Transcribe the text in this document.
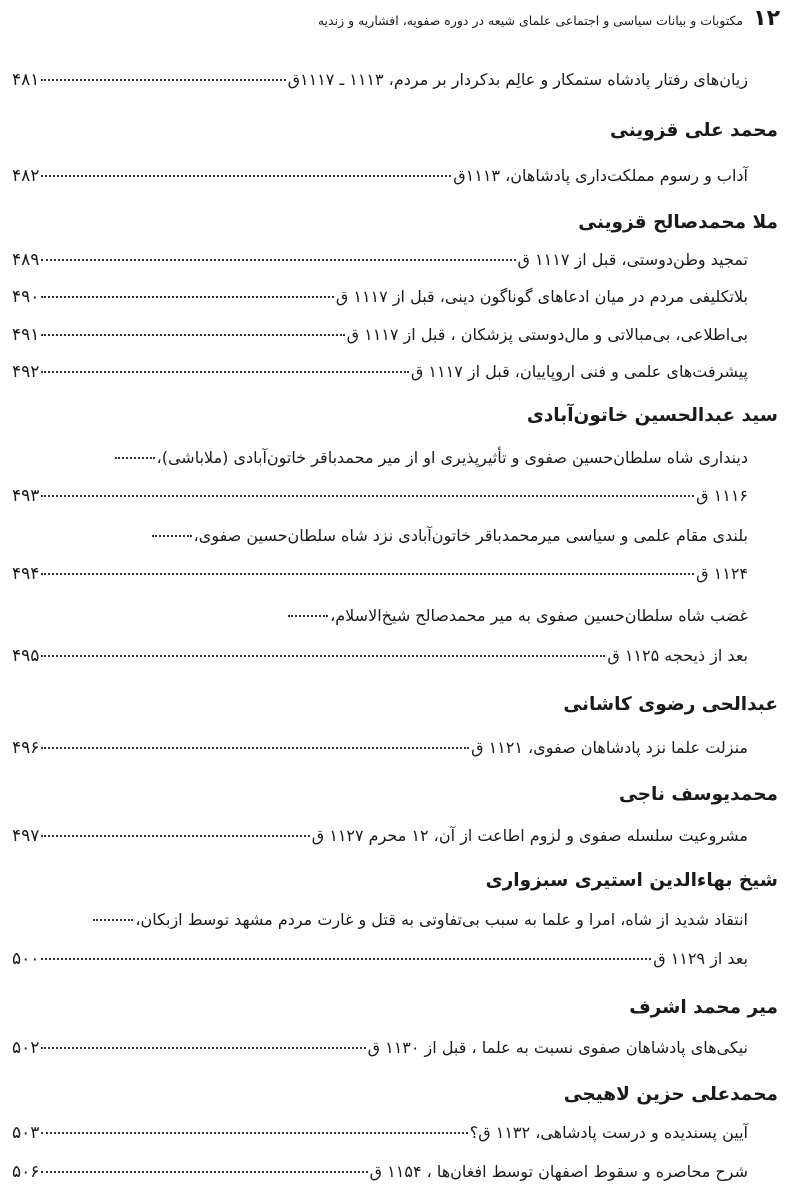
۱۲
مکتوبات و بیانات سیاسی و اجتماعی علمای شیعه در دوره صفویه، افشاریه و زندیه
زیان‌های رفتار پادشاه ستمکار و عالِم بدکردار بر مردم، ۱۱۱۳ ـ ۱۱۱۷ق
۴۸۱
محمد علی قزوینی
آداب و رسوم مملکت‌داری پادشاهان، ۱۱۱۳ق
۴۸۲
ملا محمدصالح قزوینی
تمجید وطن‌دوستی، قبل از ۱۱۱۷ ق
۴۸۹
بلاتکلیفی مردم در میان ادعاهای گوناگون دینی، قبل از ۱۱۱۷ ق
۴۹۰
بی‌اطلاعی، بی‌مبالاتی و مال‌دوستی پزشکان ، قبل از ۱۱۱۷ ق
۴۹۱
پیشرفت‌های علمی و فنی اروپاییان، قبل از ۱۱۱۷ ق
۴۹۲
سید عبدالحسین خاتون‌آبادی
دینداری شاه سلطان‌حسین صفوی و تأثیرپذیری او از میر محمدباقر خاتون‌آبادی (ملاباشی)،
۱۱۱۶ ق
۴۹۳
بلندی مقام علمی و سیاسی میرمحمدباقر خاتون‌آبادی نزد شاه سلطان‌حسین صفوی،
۱۱۲۴ ق
۴۹۴
غضب شاه سلطان‌حسین صفوی به میر محمدصالح شیخ‌الاسلام،
بعد از ذیحجه ۱۱۲۵ ق
۴۹۵
عبدالحی رضوی کاشانی
منزلت علما نزد پادشاهان صفوی، ۱۱۲۱ ق
۴۹۶
محمدیوسف ناجی
مشروعیت سلسله صفوی و لزوم اطاعت از آن، ۱۲ محرم ۱۱۲۷ ق
۴۹۷
شیخ بهاءالدین استیری سبزواری
انتقاد شدید از شاه، امرا و علما به سبب بی‌تفاوتی به قتل و غارت مردم مشهد توسط ازبکان،
بعد از ۱۱۲۹ ق
۵۰۰
میر محمد اشرف
نیکی‌های پادشاهان صفوی نسبت به علما ، قبل از ۱۱۳۰ ق
۵۰۲
محمدعلی حزین لاهیجی
آیین پسندیده و درست پادشاهی، ۱۱۳۲ ق؟
۵۰۳
شرح محاصره و سقوط اصفهان توسط افغان‌ها ، ۱۱۵۴ ق
۵۰۶
